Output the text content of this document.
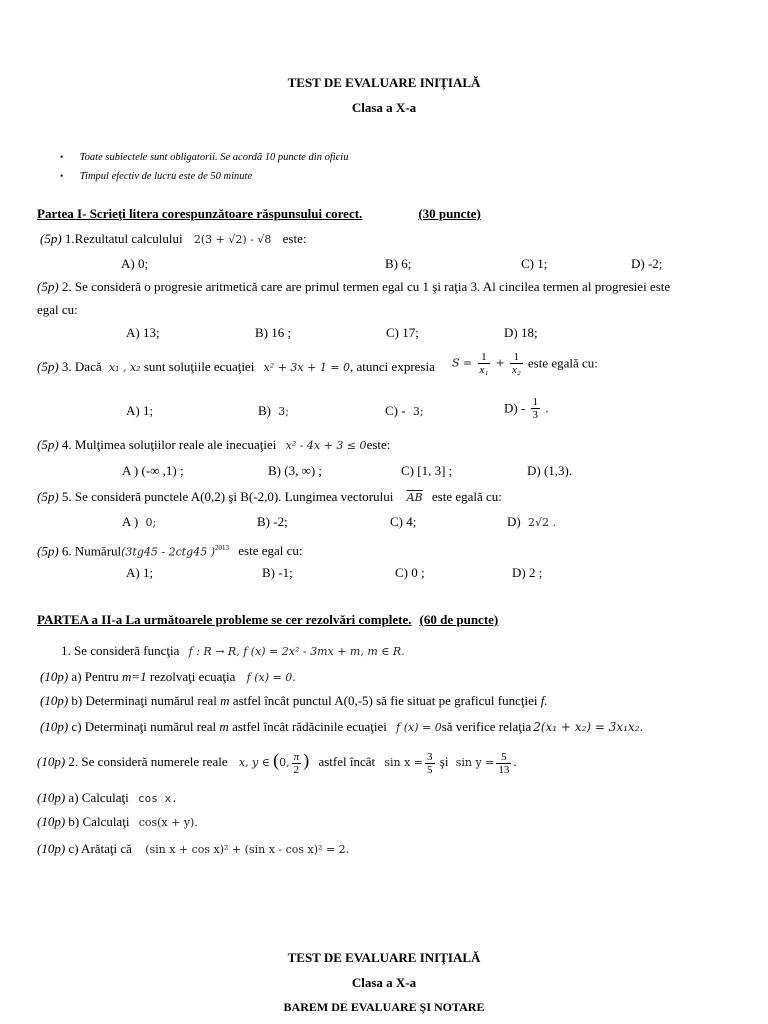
TEST DE EVALUARE INIŢIALĂ
Clasa a X-a
• Toate subiectele sunt obligatorii. Se acordă 10 puncte din oficiu
• Timpul efectiv de lucru este de 50 minute
Partea I- Scrieţi litera corespunzătoare răspunsului corect.	(30 puncte)
(5p) 1.Rezultatul calculului 2(3 + √2) - √8 este:
A) 0;	B) 6;	C) 1;	D) -2;
(5p) 2. Se consideră o progresie aritmetică care are primul termen egal cu 1 şi raţia 3. Al cincilea termen al progresiei este
egal cu:
A) 13;	B) 16 ;	C) 17;	D) 18;
(5p) 3. Dacă x₁ , x₂ sunt soluţiile ecuaţiei x² + 3x + 1 = 0, atunci expresia $S = \frac{1}{\text{x₁}} + \frac{1}{\text{x₂}}$ este egală cu:
A) 1;	B) 3;	C) - 3;	$D) - \frac{1}{3}$ .
(5p) 4. Mulţimea soluţiilor reale ale inecuaţiei x² - 4x + 3 ≤ 0este:
A ) (-∞ ,1) ;	B) (3, ∞) ;	C) [1, 3] ;	D) (1,3).
(5p) 5. Se consideră punctele A(0,2) şi B(-2,0). Lungimea vectorului $\overline{AB}$ este egală cu:
A ) 0;	B) -2;	C) 4;	D) 2√2 .
(5p) 6. Numărul(3tg45 - 2ctg45 )$^{2013}$ este egal cu:
A) 1;	B) -1;	C) 0 ;	D) 2 ;
PARTEA a II-a La următoarele probleme se cer rezolvări complete. (60 de puncte)
1. Se consideră funcţia f : R → R, f (x) = 2x² - 3mx + m, m ∈ R.
(10p) a) Pentru m=1 rezolvaţi ecuaţia f (x) = 0.
(10p) b) Determinaţi numărul real m astfel încât punctul A(0,-5) să fie situat pe graficul funcţiei f.
(10p) c) Determinaţi numărul real m astfel încât rădăcinile ecuaţiei f (x) = 0să verifice relaţia 2(x₁ + x₂) = 3x₁x₂.
(10p) 2. Se consideră numerele reale x, y ∈ (0, $\frac{\pi}{2}$ ) astfel încât $\sin x = \frac{3}{5}$ şi $\sin y = \frac{5}{13}$ .
(10p) a) Calculaţi cos x.
(10p) b) Calculaţi cos(x + y).
(10p) c) Arătaţi că (sin x + cos x)² + (sin x - cos x)² = 2.
TEST DE EVALUARE INIŢIALĂ
Clasa a X-a
BAREM DE EVALUARE ŞI NOTARE
